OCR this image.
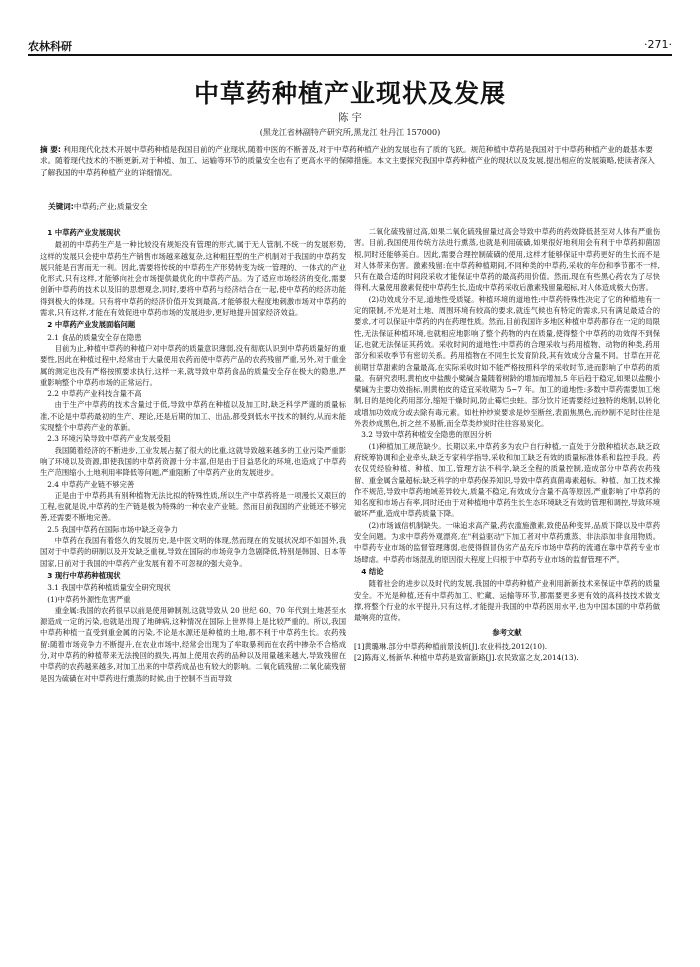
农林科研	·271·
中草药种植产业现状及发展
陈 宇
(黑龙江省林副特产研究所,黑龙江 牡丹江 157000)
摘 要: 利用现代化技术开展中草药种植是我国目前的产业现状,随着中医的不断普及,对于中草药种植产业的发展也有了质的飞跃。规范种植中草药是我国对于中草药种植产业的最基本要求。随着现代技术的不断更新,对于种植、加工、运输等环节的质量安全也有了更高水平的保障措施。本文主要探究我国中草药种植产业的现状以及发展,提出相应的发展策略,使读者深入了解我国的中草药种植产业的详细情况。
关键词:中草药;产业;质量安全
1 中草药产业发展现状

最初的中草药生产是一种比较没有规矩没有管理的形式,属于无人管制,不统一的发展形势,这样的发展只会使中草药生产销售市场越来越复杂,这种粗狂型的生产机制对于我国的中草药发展只能是百害而无一利。因此,需要将传统的中草药生产形势转变为统一管理的、一体式的产业化形式,只有这样,才能够向社会市场提供最优化的中草药产品。为了适应市场经济的变化,需要创新中草药的技术以及旧的思想观念,同时,要将中草药与经济结合在一起,使中草药的经济功能得到极大的体现。只有将中草药的经济价值开发到最高,才能够很大程度地刺激市场对中草药的需求,只有这样,才能在有效促进中草药市场的发展进步,更好地提升国家经济效益。

2 中草药产业发展面临问题
2.1 食品的质量安全存在隐患

目前为止,种植中草药的种植户对中草药的质量意识薄弱,没有彻底认识到中草药质量好的重要性,因此在种植过程中,经常由于大量使用农药而使中草药产品的农药残留严重,另外,对于重金属的测定也没有严格按照要求执行,这样一来,就导致中草药食品的质量安全存在极大的隐患,严重影响整个中草药市场的正常运行。

2.2 中草药产业科技含量不高

由于生产中草药的技术含量过于低,导致中草药在种植以及加工时,缺乏科学严谨的质量标准,不论是中草药最初的生产、理论,还是后期的加工、出品,都受到低水平技术的制约,从而未能实现整个中草药产业的革新。

2.3 环境污染导致中草药产业发展受阻

我国随着经济的不断进步,工业发展占据了很大的比重,这就导致越来越多的工业污染严重影响了环境以及资源,即使我国的中草药资源十分丰富,但是由于目益恶化的环境,也造成了中草药生产范围缩小,土地利用率降低等问题,严重阻断了中草药产业的发展进步。

2.4 中草药产业链不够完善

正是由于中草药具有别种植物无法比拟的特殊性质,所以生产中草药将是一项漫长又艰巨的工程,也就是说,中草药的生产链是极为特殊的一种农业产业链。然而目前我国的产业链还不够完善,还需要不断地完善。

2.5 我国中草药在国际市场中缺乏竞争力

中草药在我国有着悠久的发展历史,是中医文明的体现,然而现在的发展状况却不如国外,我国对于中草药的研制以及开发缺乏重视,导致在国际的市场竞争力急剧降低,特别是韩国、日本等国家,日前对于我国的中草药产业发展有着不可忽视的强大竞争。

3 现行中草药种植现状
3.1 我国中草药种植质量安全研究现状
(1)中草药外源性危害严重

重金属:我国的农药很早以前是使用砷制剂,这就导致从 20 世纪 60、70 年代到土地甚至水源造成一定的污染,也就是出现了地砷病,这种情况在国际上世界得上是比较严重的。所以,我国中草药种植一直受到重金属的污染,不论是水源还是种植的土地,都不利于中草药生长。农药残留:随着市场竞争力不断提升,在农业市场中,经常会出现为了牟取暴利而在农药中掺杂不合格成分,对中草药的种植带来无法挽回的损失,再加上使用农药的品种以及用量越来越大,导致残留在中草药的农药越来越多,对加工出来的中草药成品也有较大的影响。二氧化硫残留:二氧化硫残留是因为硫磺在对中草药进行熏蒸的时候,由于控制不当而导致

二氧化硫残留过高,如果二氧化硫残留量过高会导致中草药的药效降低甚至对人体有严重伤害。目前,我国使用传统方法进行熏蒸,也就是利用硫磺,如果很好地利用会有利于中草药抑菌固根,同时还能够美白。因此,需要合理控制硫磺的使用,这样才能够保证中草药更好的生长而不是对人体带来伤害。激素残留:在中草药种植期间,不同种类的中草药,采收的年份和季节都不一样,只有在最合适的时间段采收才能保证中草药的最高药用价值。然而,现在有些黑心药农为了尽快得利,大量使用激素促使中草药生长,造成中草药采收后激素残留量超标,对人体造成极大伤害。

(2)功效成分不足,道地性受质疑。种植环境的道地性:中草药特殊性决定了它的种植地有一定的限制,不光是对土地、周围环境有较高的要求,就连气候也有特定的需求,只有满足最适合的要求,才可以保证中草药的内在药理性质。然而,目前我国许多地区种植中草药都存在一定的局限性,无法保证种植环境,也就相应地影响了整个药物的内在质量,使得整个中草药的功效得不到保证,也就无法保证其药效。采收时间的道地性:中草药的合理采收与药用植物、动物的种类,药用部分和采收季节有密切关系。药用植物在不同生长发育阶段,其有效成分含量不同。甘草在开花前期甘草甜素的含量最高,在实际采收时如不能严格按照科学的采收时节,进而影响了中草药的质量。有研究表明,黄柏皮中盐酸小檗碱含量随着树龄的增加而增加,5 年后趋于稳定,如果以盐酸小檗碱为主要功效指标,则黄柏皮的适宜采收期为 5~7 年。加工的道地性:多数中草药需要加工炮制,目的是纯化药用部分,缩短干燥时间,防止霉烂虫蛀。部分饮片还需要经过独特的炮制,以转化或增加功效成分或去除有毒元素。如杜仲炒炭要求是炒至断丝,表面焦黑色,而炒制不足时往往是外表炒成黑色,折之丝不易断,而全草类炒炭时往往容易炭化。

3.2 导致中草药种植安全隐患的原因分析

(1)种植加工规范缺少。长期以来,中草药多为农户自行种植,一直处于分散种植状态,缺乏政府统筹协调和企业牵头,缺乏专家科学指导,采收和加工缺乏有效的质量标准体系和监控手段。药农仅凭经验种植、种植、加工,管理方法不科学,缺乏全程的质量控制,造成部分中草药农药残留、重金属含量超标;缺乏科学的中草药保养知识,导致中草药真菌毒素超标。种植、加工技术操作不规范,导致中草药地域差异较大,质量不稳定,有效成分含量不高等原因,严重影响了中草药的知名度和市场占有率,同时还由于对种植地中草药生长生态环境缺乏有效的管理和调控,导致环境破坏严重,造成中草药质量下降。

(2)市场诚信机制缺失。一味追求高产量,药农滥施激素,致使品种变异,品质下降以及中草药安全问题。为求中草药外观漂亮,在"利益驱动"下加工者对中草药熏蒸、非法添加非食用物质。中草药专业市场的监督管理薄弱,也使得假冒伪劣产品充斥市场中草药的流通在靠中草药专业市场肆虐。中草药市场混乱的原因很大程度上归根于中草药专业市场的监督管理不严。

4 结论

随着社会的进步以及时代的发展,我国的中草药种植产业利用新新技术来保证中草药的质量安全。不光是种植,还有中草药加工、贮藏、运输等环节,都需要更多更有效的高科技技术做支撑,将整个行业的水平提升,只有这样,才能提升我国的中草药医用水平,也为中国本国的中草药做最响亮的宣传。

参考文献
[1]黄璐琳.部分中草药种植前景浅析[J].农业科技,2012(10).
[2]陈海义,杨新华.种植中草药是致富新路[J].农民致富之友,2014(13).
